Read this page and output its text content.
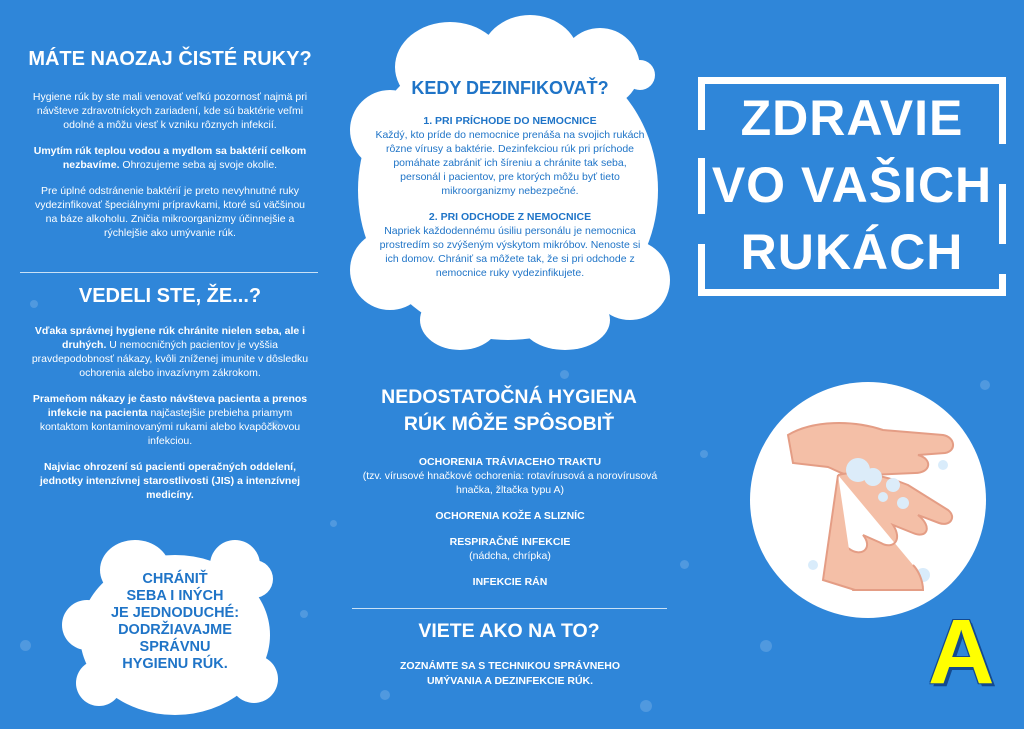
MÁTE NAOZAJ ČISTÉ RUKY?

Hygiene rúk by ste mali venovať veľkú pozornosť najmä pri návšteve zdravotníckych zariadení, kde sú baktérie veľmi odolné a môžu viesť k vzniku rôznych infekcií.

Umytím rúk teplou vodou a mydlom sa baktérií celkom nezbavíme. Ohrozujeme seba aj svoje okolie.

Pre úplné odstránenie baktérií je preto nevyhnutné ruky vydezinfikovať špeciálnymi prípravkami, ktoré sú väčšinou na báze alkoholu. Zničia mikroorganizmy účinnejšie a rýchlejšie ako umývanie rúk.

VEDELI STE, ŽE...?

Vďaka správnej hygiene rúk chránite nielen seba, ale i druhých. U nemocničných pacientov je vyššia pravdepodobnosť nákazy, kvôli zníženej imunite v dôsledku ochorenia alebo invazívnym zákrokom.

Prameňom nákazy je často návšteva pacienta a prenos infekcie na pacienta najčastejšie prebieha priamym kontaktom kontaminovanými rukami alebo kvapôčkovou infekciou.

Najviac ohrození sú pacienti operačných oddelení, jednotky intenzívnej starostlivosti (JIS) a intenzívnej medicíny.

CHRÁNIŤ
SEBA I INÝCH
JE JEDNODUCHÉ:
DODRŽIAVAJME
SPRÁVNU
HYGIENU RÚK.
KEDY DEZINFIKOVAŤ?
1. PRI PRÍCHODE DO NEMOCNICE
Každý, kto príde do nemocnice prenáša na svojich rukách rôzne vírusy a baktérie. Dezinfekciou rúk pri príchode pomáhate zabrániť ich šíreniu a chránite tak seba, personál i pacientov, pre ktorých môžu byť tieto mikroorganizmy nebezpečné.
2. PRI ODCHODE Z NEMOCNICE
Napriek každodennému úsiliu personálu je nemocnica prostredím so zvýšeným výskytom mikróbov. Nenoste si ich domov. Chrániť sa môžete tak, že si pri odchode z nemocnice ruky vydezinfikujete.
NEDOSTATOČNÁ HYGIENA
RÚK MÔŽE SPÔSOBIŤ
OCHORENIA TRÁVIACEHO TRAKTU
(tzv. vírusové hnačkové ochorenia: rotavírusová a norovírusová hnačka, žltačka typu A)
OCHORENIA KOŽE A SLIZNÍC
RESPIRAČNÉ INFEKCIE
(nádcha, chrípka)
INFEKCIE RÁN
VIETE AKO NA TO?
ZOZNÁMTE SA S TECHNIKOU SPRÁVNEHO
UMÝVANIA A DEZINFEKCIE RÚK.
ZDRAVIE
VO VAŠICH
RUKÁCH
A
